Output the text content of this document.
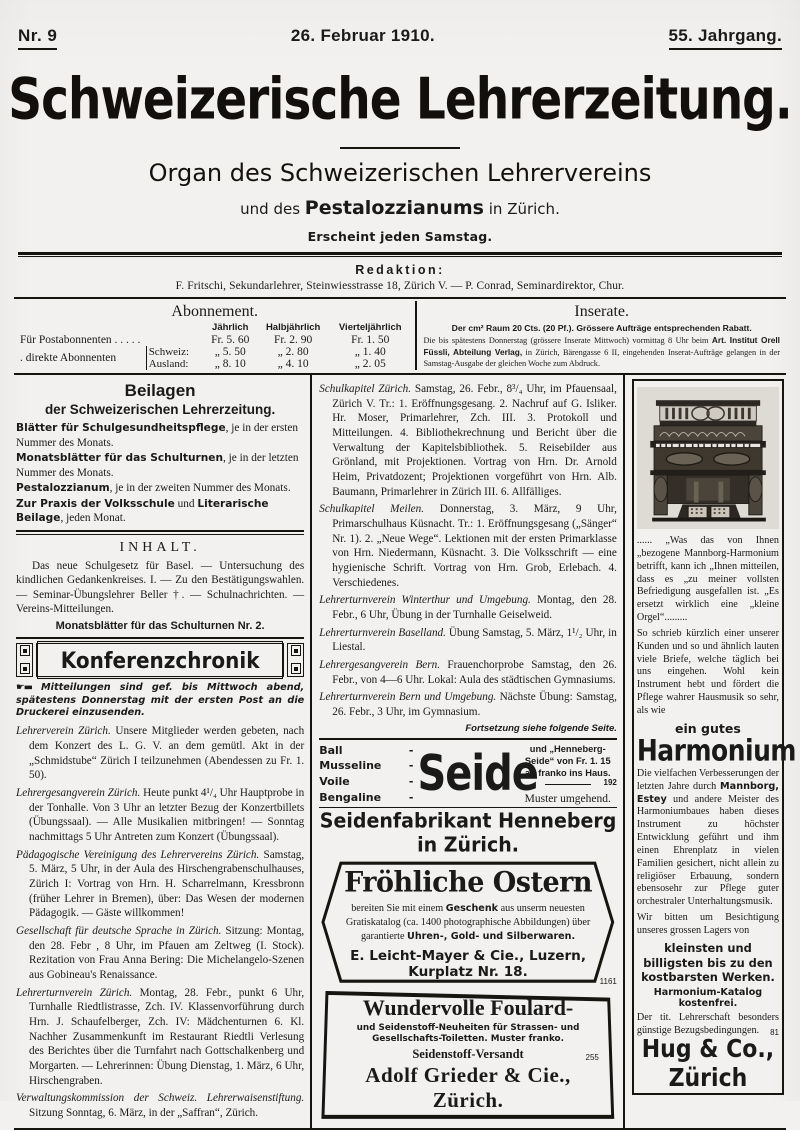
Nr. 9	26. Februar 1910.	55. Jahrgang.
Schweizerische Lehrerzeitung.
Organ des Schweizerischen Lehrervereins
und des Pestalozzianums in Zürich.
Erscheint jeden Samstag.
Redaktion:
F. Fritschi, Sekundarlehrer, Steinwiesstrasse 18, Zürich V. — P. Conrad, Seminardirektor, Chur.
Abonnement.
		Jährlich	Halbjährlich	Vierteljährlich
Für Postabonnenten . . . . .		Fr. 5. 60	Fr. 2. 90	Fr. 1. 50
. direkte Abonnenten	Schweiz:	„ 5. 50	„ 2. 80	„ 1. 40
	Ausland:	„ 8. 10	„ 4. 10	„ 2. 05
Inserate.
Der cm² Raum 20 Cts. (20 Pf.). Grössere Aufträge entsprechenden Rabatt.
Die bis spätestens Donnerstag (grössere Inserate Mittwoch) vormittag 8 Uhr beim Art. Institut Orell Füssli, Abteilung Verlag, in Zürich, Bärengasse 6 II, eingehenden Inserat-Aufträge gelangen in der Samstag-Ausgabe der gleichen Woche zum Abdruck.
Beilagen
der Schweizerischen Lehrerzeitung.
Blätter für Schulgesundheitspflege, je in der ersten Nummer des Monats.
Monatsblätter für das Schulturnen, je in der letzten Nummer des Monats.
Pestalozzianum, je in der zweiten Nummer des Monats.
Zur Praxis der Volksschule und Literarische Beilage, jeden Monat.
INHALT.
Das neue Schulgesetz für Basel. — Untersuchung des kindlichen Gedankenkreises. I. — Zu den Bestätigungswahlen. — Seminar-Übungslehrer Beller †. — Schulnachrichten. — Vereins-Mitteilungen.
Monatsblätter für das Schulturnen Nr. 2.
Konferenzchronik
☛▬ Mitteilungen sind gef. bis Mittwoch abend, spätestens Donnerstag mit der ersten Post an die Druckerei einzusenden.
Lehrerverein Zürich. Unsere Mitglieder werden gebeten, nach dem Konzert des L. G. V. an dem gemütl. Akt in der „Schmidstube“ Zürich I teilzunehmen (Abendessen zu Fr. 1. 50).
Lehrergesangverein Zürich. Heute punkt 4¹/₄ Uhr Hauptprobe in der Tonhalle. Von 3 Uhr an letzter Bezug der Konzertbillets (Übungssaal). — Alle Musikalien mitbringen! — Sonntag nachmittags 5 Uhr Antreten zum Konzert (Übungssaal).
Pädagogische Vereinigung des Lehrervereins Zürich. Samstag, 5. März, 5 Uhr, in der Aula des Hirschengrabenschulhauses, Zürich I: Vortrag von Hrn. H. Scharrelmann, Kressbronn (früher Lehrer in Bremen), über: Das Wesen der modernen Pädagogik. — Gäste willkommen!
Gesellschaft für deutsche Sprache in Zürich. Sitzung: Montag, den 28. Febr , 8 Uhr, im Pfauen am Zeltweg (I. Stock). Rezitation von Frau Anna Bering: Die Michelangelo-Szenen aus Gobineau's Renaissance.
Lehrerturnverein Zürich. Montag, 28. Febr., punkt 6 Uhr, Turnhalle Riedtlistrasse, Zch. IV. Klassenvorführung durch Hrn. J. Schaufelberger, Zch. IV: Mädchenturnen 6. Kl. Nachher Zusammenkunft im Restaurant Riedtli Verlesung des Berichtes über die Turnfahrt nach Gottschalkenberg und Morgarten. — Lehrerinnen: Übung Dienstag, 1. März, 6 Uhr, Hirschengraben.
Verwaltungskommission der Schweiz. Lehrerwaisenstiftung. Sitzung Sonntag, 6. März, in der „Saffran“, Zürich.
Schulkapitel Zürich. Samstag, 26. Febr., 8³/₄ Uhr, im Pfauensaal, Zürich V. Tr.: 1. Eröffnungsgesang. 2. Nachruf auf G. Isliker. Hr. Moser, Primarlehrer, Zch. III. 3. Protokoll und Mitteilungen. 4. Bibliothekrechnung und Bericht über die Verwaltung der Kapitelsbibliothek. 5. Reisebilder aus Grönland, mit Projektionen. Vortrag von Hrn. Dr. Arnold Heim, Privatdozent; Projektionen vorgeführt von Hrn. Alb. Baumann, Primarlehrer in Zürich III. 6. Allfälliges.
Schulkapitel Meilen. Donnerstag, 3. März, 9 Uhr, Primarschulhaus Küsnacht. Tr.: 1. Eröffnungsgesang („Sänger“ Nr. 1). 2. „Neue Wege“. Lektionen mit der ersten Primarklasse von Hrn. Niedermann, Küsnacht. 3. Die Volksschrift — eine hygienische Schrift. Vortrag von Hrn. Grob, Erlebach. 4. Verschiedenes.
Lehrerturnverein Winterthur und Umgebung. Montag, den 28. Febr., 6 Uhr, Übung in der Turnhalle Geiselweid.
Lehrerturnverein Baselland. Übung Samstag, 5. März, 1¹/₂ Uhr, in Liestal.
Lehrergesangverein Bern. Frauenchorprobe Samstag, den 26. Febr., von 4—6 Uhr. Lokal: Aula des städtischen Gymnasiums.
Lehrerturnverein Bern und Umgebung. Nächste Übung: Samstag, 26. Febr., 3 Uhr, im Gymnasium.
Fortsetzung siehe folgende Seite.
Ball	-
Musseline -
Voile	-
Bengaline	- Seide
und „Henneberg-Seide“ von Fr. 1. 15 an franko ins Haus.
192
Muster umgehend.
Seidenfabrikant Henneberg in Zürich.
Fröhliche Ostern
bereiten Sie mit einem Geschenk aus unserm neuesten Gratiskatalog (ca. 1400 photographische Abbildungen) über garantierte Uhren-, Gold- und Silberwaren.
E. Leicht-Mayer & Cie., Luzern, Kurplatz Nr. 18.
1161
Wundervolle Foulard-
und Seidenstoff-Neuheiten für Strassen- und Gesellschafts-Toiletten. Muster franko.
Seidenstoff-Versandt	255
Adolf Grieder & Cie., Zürich.
...... „Was das von Ihnen „bezogene Mannborg-Harmonium betrifft, kann ich „Ihnen mitteilen, dass es „zu meiner vollsten Befriedigung ausgefallen ist. „Es ersetzt wirklich eine „kleine Orgel“.........
So schrieb kürzlich einer unserer Kunden und so und ähnlich lauten viele Briefe, welche täglich bei uns eingehen. Wohl kein Instrument hebt und fördert die Pflege wahrer Hausmusik so sehr, als wie
ein gutes
Harmonium
Die vielfachen Verbesserungen der letzten Jahre durch Mannborg, Estey und andere Meister des Harmoniumbaues haben dieses Instrument zu höchster Entwicklung geführt und ihm einen Ehrenplatz in vielen Familien gesichert, nicht allein zu religiöser Erbauung, sondern ebensosehr zur Pflege guter orchestraler Unterhaltungsmusik.
Wir bitten um Besichtigung unseres grossen Lagers von
kleinsten und billigsten bis zu den kostbarsten Werken.
Harmonium-Katalog kostenfrei.
Der tit. Lehrerschaft besonders günstige Bezugsbedingungen.	81
Hug & Co., Zürich
